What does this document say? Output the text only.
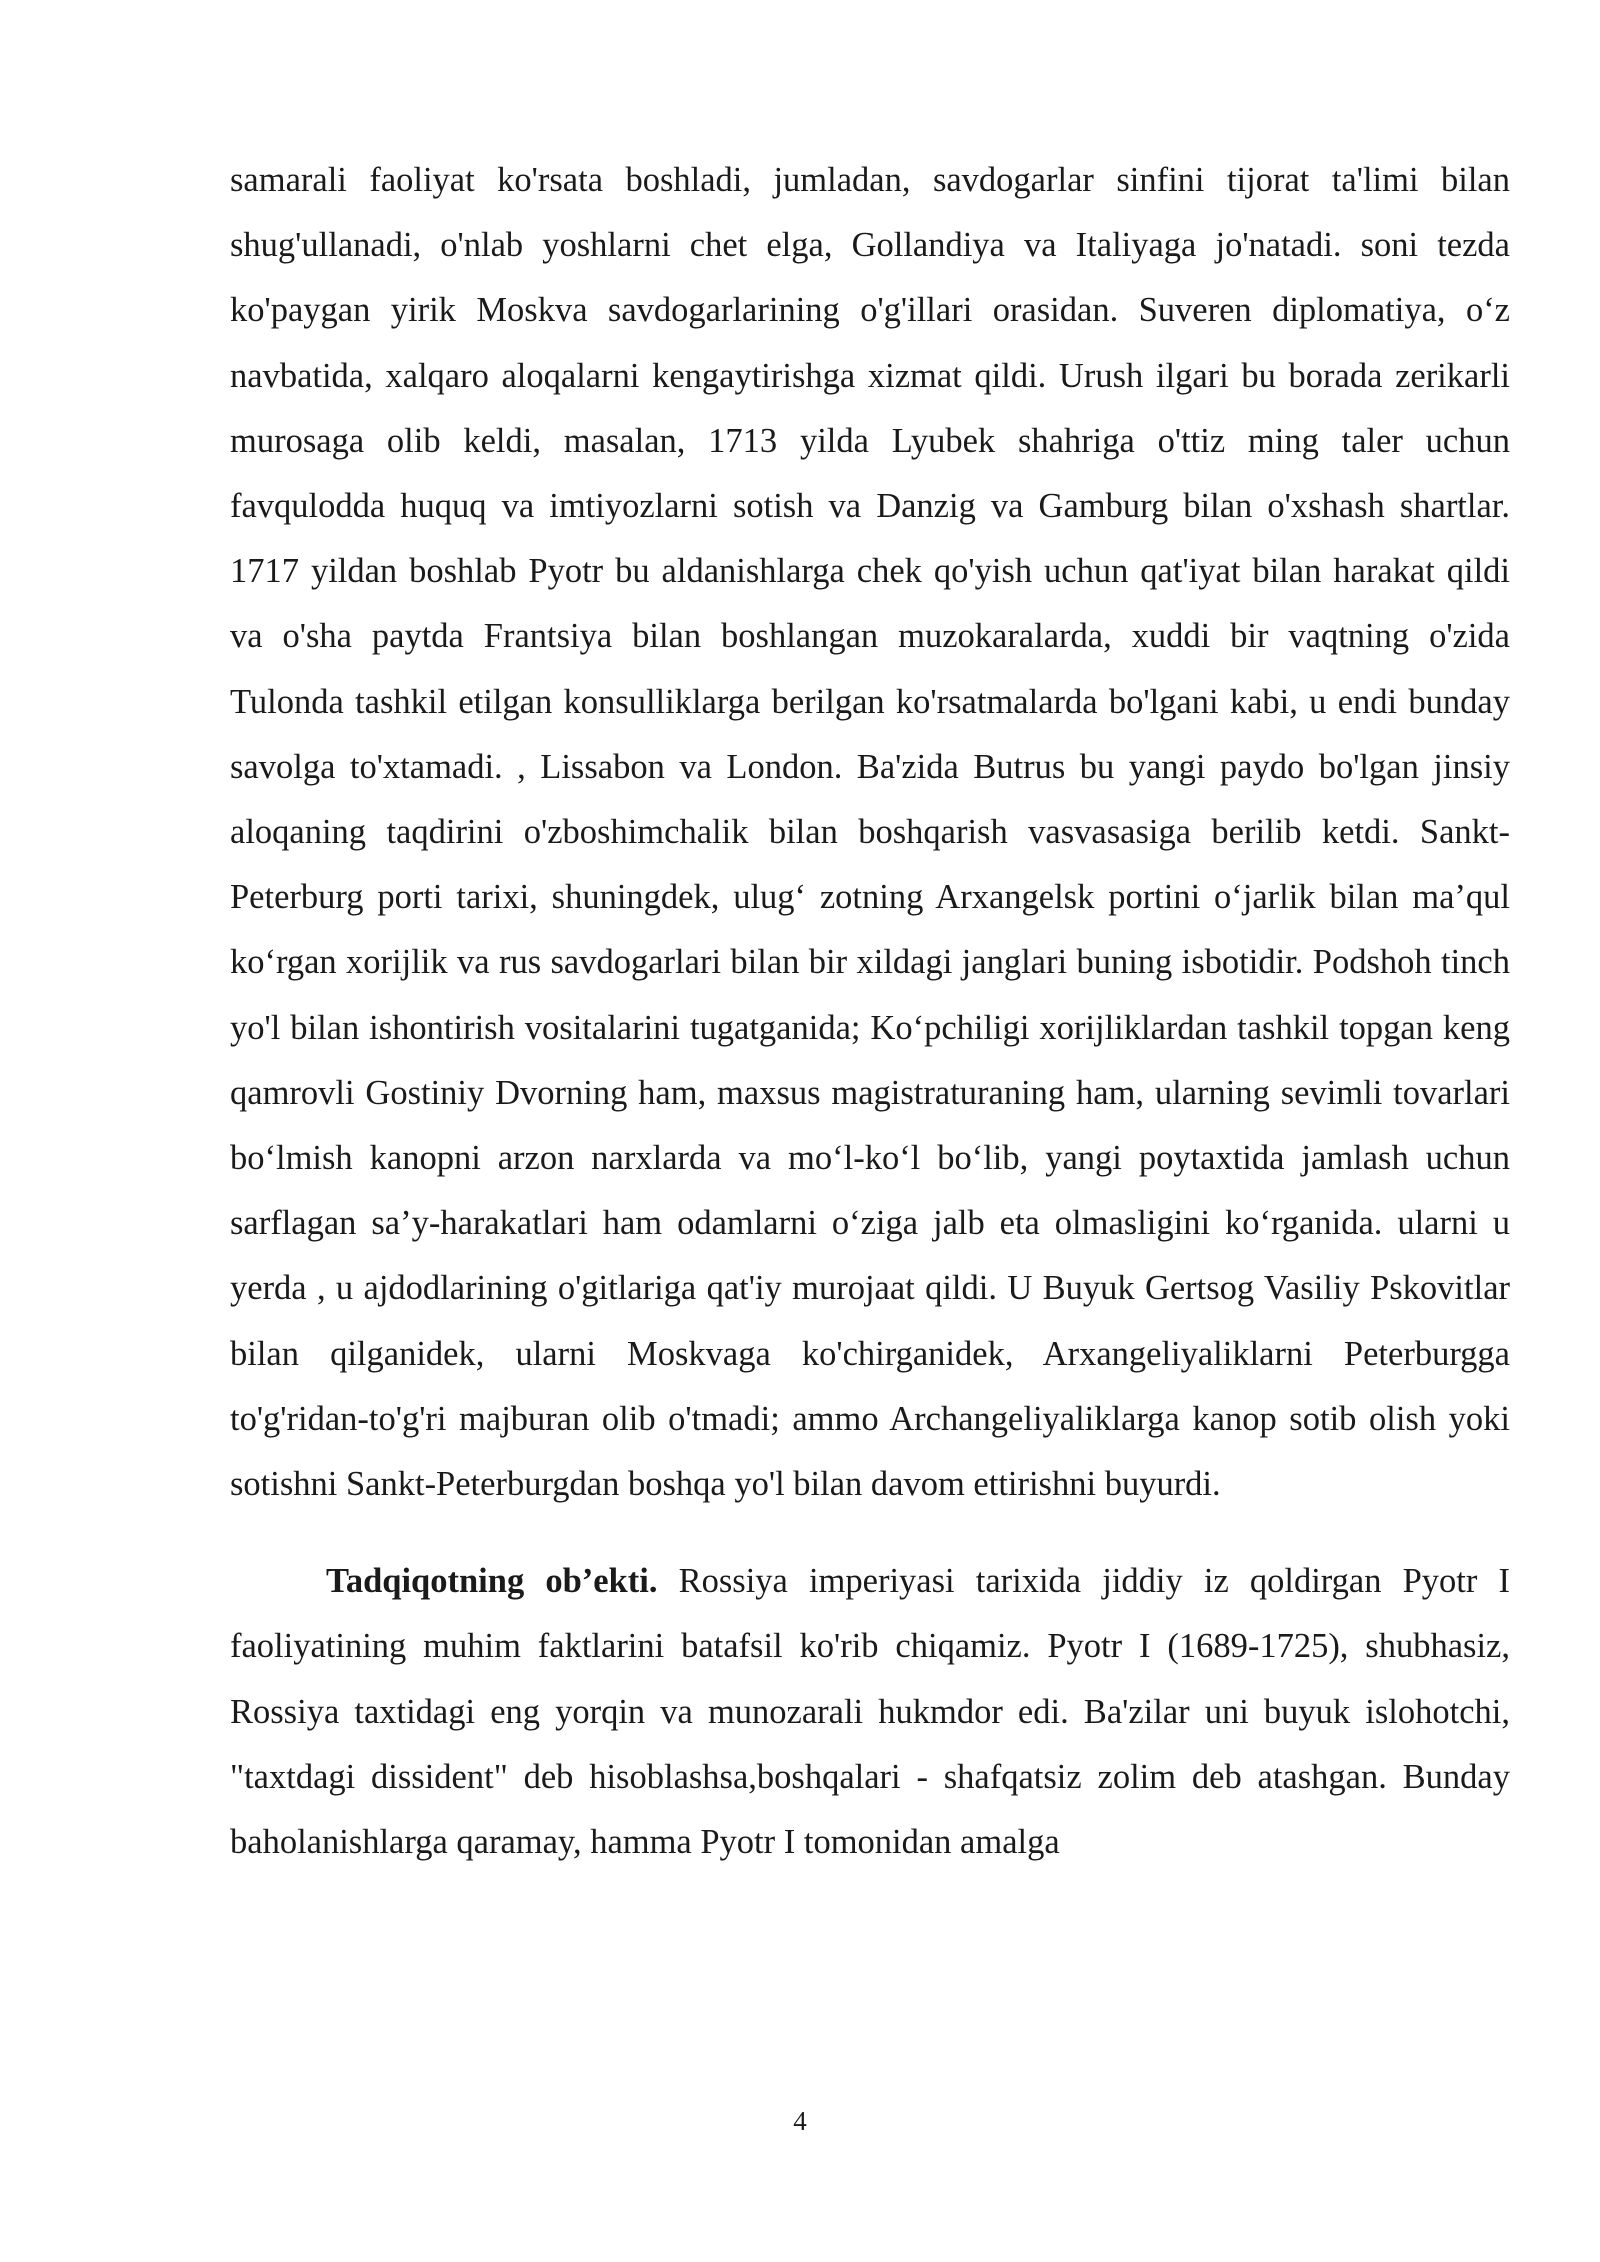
samarali faoliyat ko'rsata boshladi, jumladan, savdogarlar sinfini tijorat ta'limi bilan shug'ullanadi, o'nlab yoshlarni chet elga, Gollandiya va Italiyaga jo'natadi. soni tezda ko'paygan yirik Moskva savdogarlarining o'g'illari orasidan. Suveren diplomatiya, o‘z navbatida, xalqaro aloqalarni kengaytirishga xizmat qildi. Urush ilgari bu borada zerikarli murosaga olib keldi, masalan, 1713 yilda Lyubek shahriga o'ttiz ming taler uchun favqulodda huquq va imtiyozlarni sotish va Danzig va Gamburg bilan o'xshash shartlar. 1717 yildan boshlab Pyotr bu aldanishlarga chek qo'yish uchun qat'iyat bilan harakat qildi va o'sha paytda Frantsiya bilan boshlangan muzokaralarda, xuddi bir vaqtning o'zida Tulonda tashkil etilgan konsulliklarga berilgan ko'rsatmalarda bo'lgani kabi, u endi bunday savolga to'xtamadi. , Lissabon va London. Ba'zida Butrus bu yangi paydo bo'lgan jinsiy aloqaning taqdirini o'zboshimchalik bilan boshqarish vasvasasiga berilib ketdi. Sankt-Peterburg porti tarixi, shuningdek, ulug‘ zotning Arxangelsk portini o‘jarlik bilan ma’qul ko‘rgan xorijlik va rus savdogarlari bilan bir xildagi janglari buning isbotidir. Podshoh tinch yo'l bilan ishontirish vositalarini tugatganida; Ko‘pchiligi xorijliklardan tashkil topgan keng qamrovli Gostiniy Dvorning ham, maxsus magistraturaning ham, ularning sevimli tovarlari bo‘lmish kanopni arzon narxlarda va mo‘l-ko‘l bo‘lib, yangi poytaxtida jamlash uchun sarflagan sa’y-harakatlari ham odamlarni o‘ziga jalb eta olmasligini ko‘rganida. ularni u yerda , u ajdodlarining o'gitlariga qat'iy murojaat qildi. U Buyuk Gertsog Vasiliy Pskovitlar bilan qilganidek, ularni Moskvaga ko'chirganidek, Arxangeliyaliklarni Peterburgga to'g'ridan-to'g'ri majburan olib o'tmadi; ammo Archangeliyaliklarga kanop sotib olish yoki sotishni Sankt-Peterburgdan boshqa yo'l bilan davom ettirishni buyurdi.

Tadqiqotning ob’ekti. Rossiya imperiyasi tarixida jiddiy iz qoldirgan Pyotr I faoliyatining muhim faktlarini batafsil ko'rib chiqamiz. Pyotr I (1689-1725), shubhasiz, Rossiya taxtidagi eng yorqin va munozarali hukmdor edi. Ba'zilar uni buyuk islohotchi, "taxtdagi dissident" deb hisoblashsa,boshqalari - shafqatsiz zolim deb atashgan. Bunday baholanishlarga qaramay, hamma Pyotr I tomonidan amalga

4
